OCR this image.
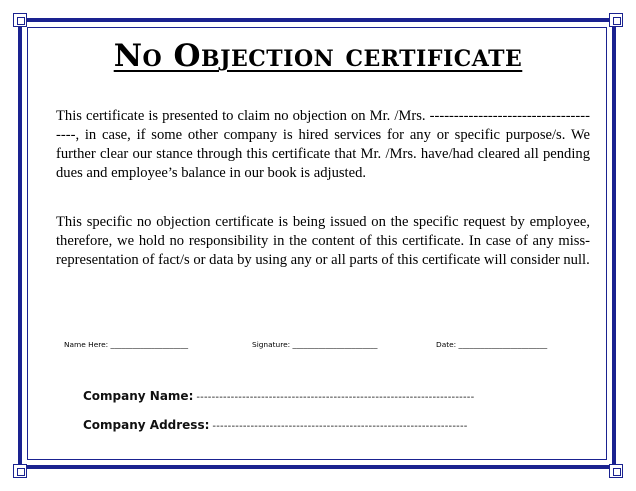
No Objection certificate

This certificate is presented to claim no objection on Mr. /Mrs. -------------------------------------, in case, if some other company is hired services for any or specific purpose/s. We further clear our stance through this certificate that Mr. /Mrs. have/had cleared all pending dues and employee’s balance in our book is adjusted.

This specific no objection certificate is being issued on the specific request by employee, therefore, we hold no responsibility in the content of this certificate. In case of any miss-representation of fact/s or data by using any or all parts of this certificate will consider null.

Name Here: _____________________	Signature: _______________________	Date: ________________________
Company Name: -------------------------------------------------------------------------
Company Address: -------------------------------------------------------------------
